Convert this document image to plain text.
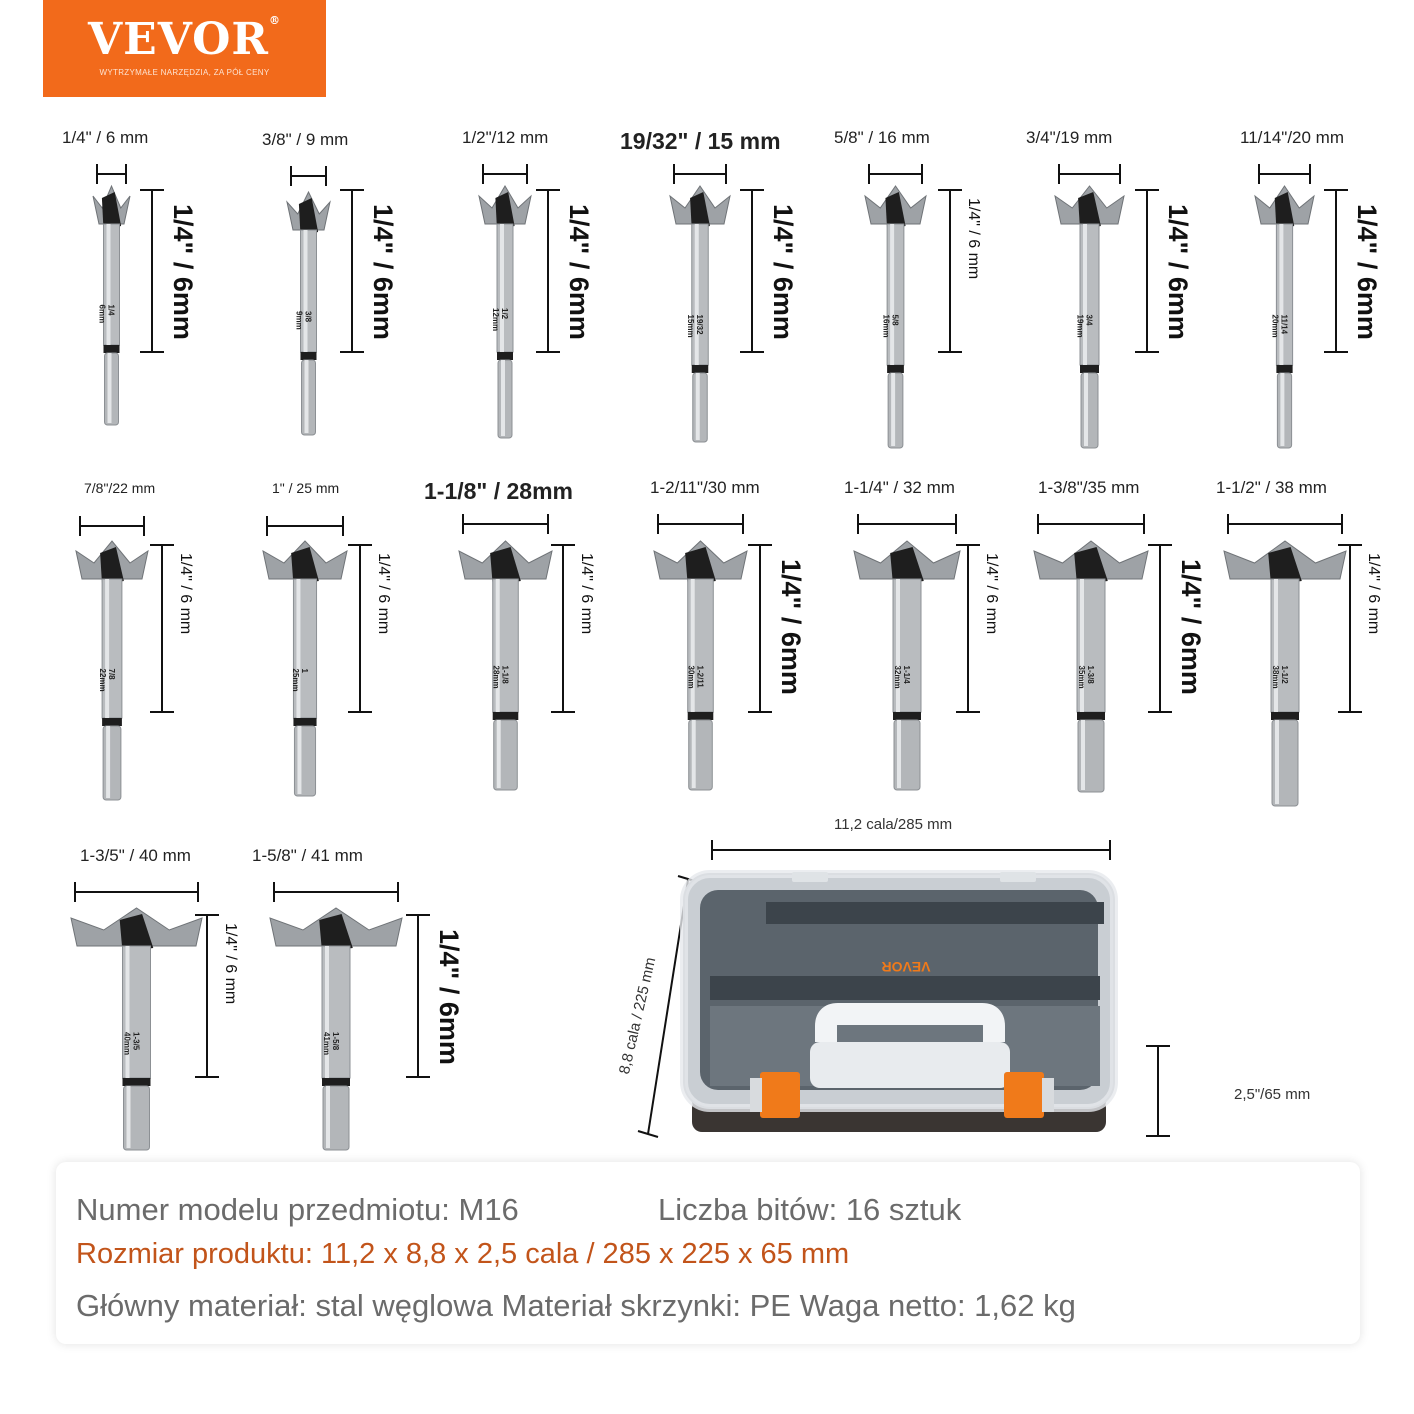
VEVOR®
WYTRZYMAŁE NARZĘDZIA, ZA PÓŁ CENY
1/4" / 6 mm
1/4
6mm 1/4" / 6mm
3/8" / 9 mm
3/8
9mm 1/4" / 6mm
1/2"/12 mm
1/2
12mm 1/4" / 6mm
19/32" / 15 mm
19/32
15mm	1/4" / 6mm
5/8" / 16 mm
5/8
16mm
1/4" / 6 mm
3/4"/19 mm
3/4
19mm	1/4" / 6mm
11/14"/20 mm
11/14
20mm	1/4" / 6mm
7/8"/22 mm
7/8
22mm
1/4" / 6 mm
1" / 25 mm
1
25mm
1/4" / 6 mm
1-1/8" / 28mm
1-1/8
28mm
1/4" / 6 mm
1-2/11"/30 mm
1-2/11
30mm	1/4" / 6mm
1-1/4" / 32 mm
1-1/4
32mm
1/4" / 6 mm
1-3/8"/35 mm
1-3/8
35mm	1/4" / 6mm
1-1/2" / 38 mm
1-1/2
38mm
1/4" / 6 mm
1-3/5" / 40 mm
1-3/5
40mm
1/4" / 6 mm
1-5/8" / 41 mm
1-5/8
41mm	1/4" / 6mm	VEVOR
11,2 cala/285 mm
8,8 cala / 225 mm
2,5"/65 mm
Numer modelu przedmiotu: M16	Liczba bitów: 16 sztuk
Rozmiar produktu: 11,2 x 8,8 x 2,5 cala / 285 x 225 x 65 mm
Główny materiał: stal węglowa Materiał skrzynki: PE Waga netto: 1,62 kg
